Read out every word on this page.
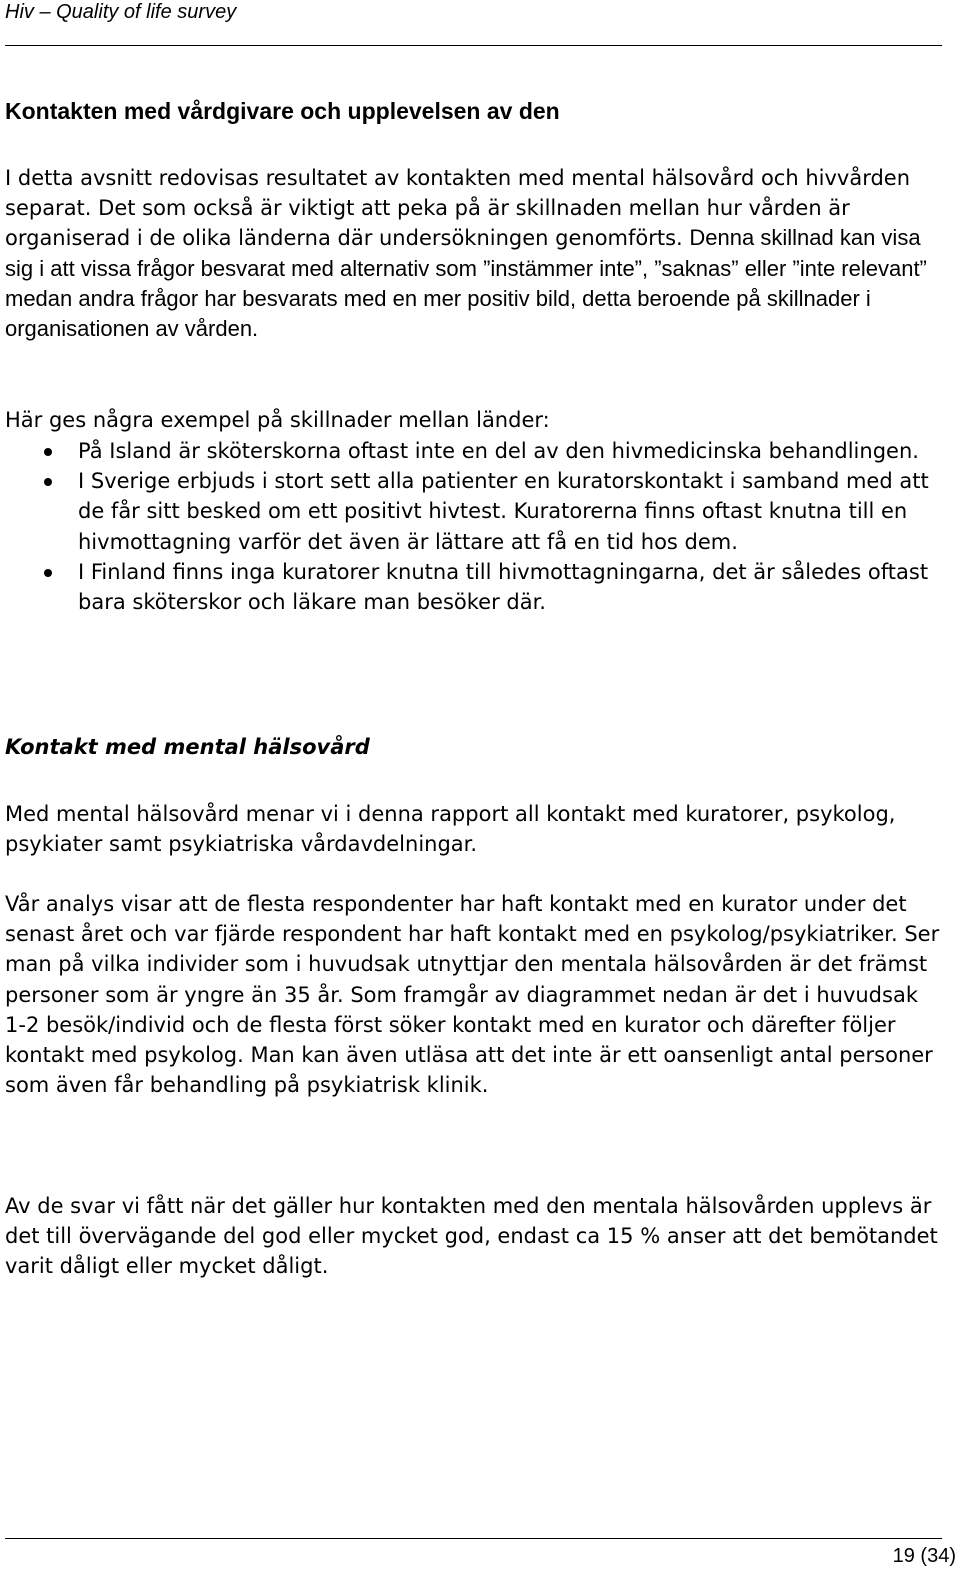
Hiv – Quality of life survey
Kontakten med vårdgivare och upplevelsen av den

I detta avsnitt redovisas resultatet av kontakten med mental hälsovård och hivvården separat. Det som också är viktigt att peka på är skillnaden mellan hur vården är organiserad i de olika länderna där undersökningen genomförts. Denna skillnad kan visa sig i att vissa frågor besvarat med alternativ som ”instämmer inte”, ”saknas” eller ”inte relevant” medan andra frågor har besvarats med en mer positiv bild, detta beroende på skillnader i organisationen av vården.

Här ges några exempel på skillnader mellan länder:

På Island är sköterskorna oftast inte en del av den hivmedicinska behandlingen.
I Sverige erbjuds i stort sett alla patienter en kuratorskontakt i samband med att de får sitt besked om ett positivt hivtest. Kuratorerna finns oftast knutna till en hivmottagning varför det även är lättare att få en tid hos dem.
I Finland finns inga kuratorer knutna till hivmottagningarna, det är således oftast bara sköterskor och läkare man besöker där.
Kontakt med mental hälsovård

Med mental hälsovård menar vi i denna rapport all kontakt med kuratorer, psykolog, psykiater samt psykiatriska vårdavdelningar.

Vår analys visar att de flesta respondenter har haft kontakt med en kurator under det senast året och var fjärde respondent har haft kontakt med en psykolog/psykiatriker. Ser man på vilka individer som i huvudsak utnyttjar den mentala hälsovården är det främst personer som är yngre än 35 år. Som framgår av diagrammet nedan är det i huvudsak 1-2 besök/individ och de flesta först söker kontakt med en kurator och därefter följer kontakt med psykolog. Man kan även utläsa att det inte är ett oansenligt antal personer som även får behandling på psykiatrisk klinik.

Av de svar vi fått när det gäller hur kontakten med den mentala hälsovården upplevs är det till övervägande del god eller mycket god, endast ca 15 % anser att det bemötandet varit dåligt eller mycket dåligt.

19 (34)
